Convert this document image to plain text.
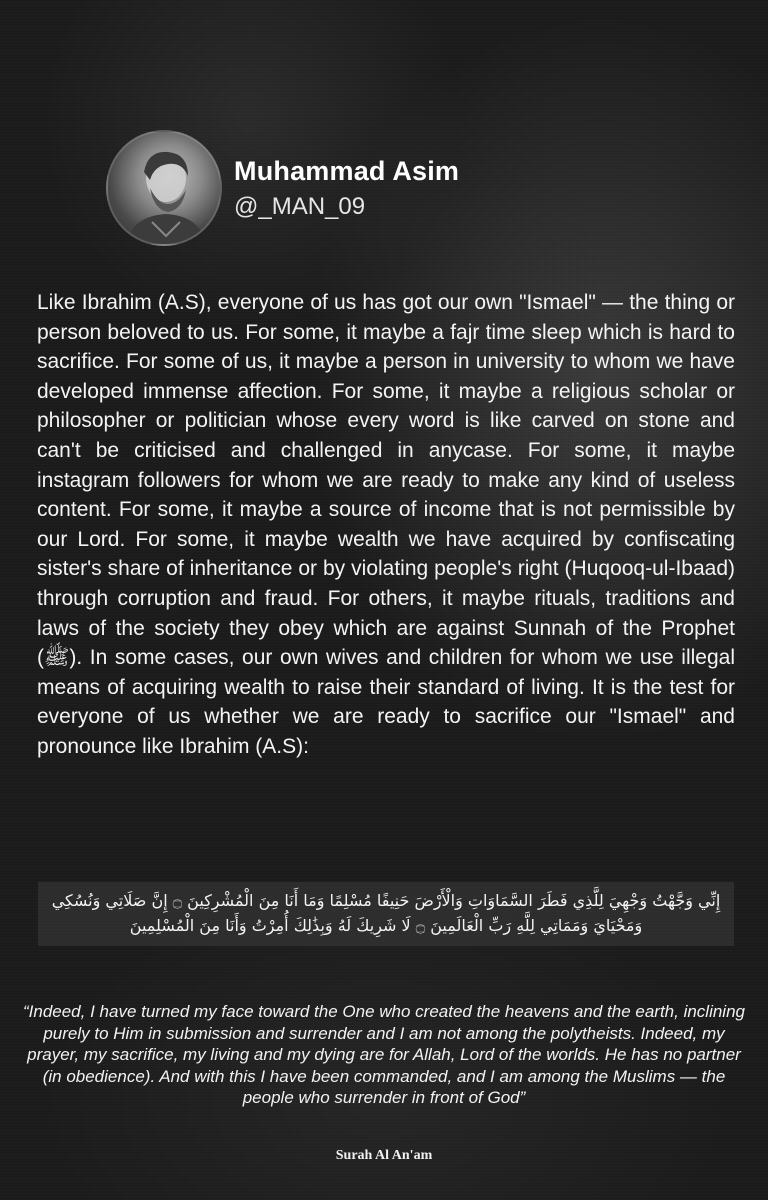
Muhammad Asim
@_MAN_09
Like Ibrahim (A.S), everyone of us has got our own "Ismael" — the thing or person beloved to us. For some, it maybe a fajr time sleep which is hard to sacrifice. For some of us, it maybe a person in university to whom we have developed immense affection. For some, it maybe a religious scholar or philosopher or politician whose every word is like carved on stone and can't be criticised and challenged in anycase. For some, it maybe instagram followers for whom we are ready to make any kind of useless content. For some, it maybe a source of income that is not permissible by our Lord. For some, it maybe wealth we have acquired by confiscating sister's share of inheritance or by violating people's right (Huqooq-ul-Ibaad) through corruption and fraud. For others, it maybe rituals, traditions and laws of the society they obey which are against Sunnah of the Prophet (ﷺ). In some cases, our own wives and children for whom we use illegal means of acquiring wealth to raise their standard of living. It is the test for everyone of us whether we are ready to sacrifice our "Ismael" and pronounce like Ibrahim (A.S):
إِنِّي وَجَّهْتُ وَجْهِيَ لِلَّذِي فَطَرَ السَّمَاوَاتِ وَالْأَرْضَ حَنِيفًا مُسْلِمًا وَمَا أَنَا مِنَ الْمُشْرِكِينَ ۝ إِنَّ صَلَاتِي وَنُسُكِي وَمَحْيَايَ وَمَمَاتِي لِلَّهِ رَبِّ الْعَالَمِينَ ۝ لَا شَرِيكَ لَهُ وَبِذَٰلِكَ أُمِرْتُ وَأَنَا مِنَ الْمُسْلِمِينَ
“Indeed, I have turned my face toward the One who created the heavens and the earth, inclining purely to Him in submission and surrender and I am not among the polytheists. Indeed, my prayer, my sacrifice, my living and my dying are for Allah, Lord of the worlds. He has no partner (in obedience). And with this I have been commanded, and I am among the Muslims — the people who surrender in front of God”
Surah Al An'am
